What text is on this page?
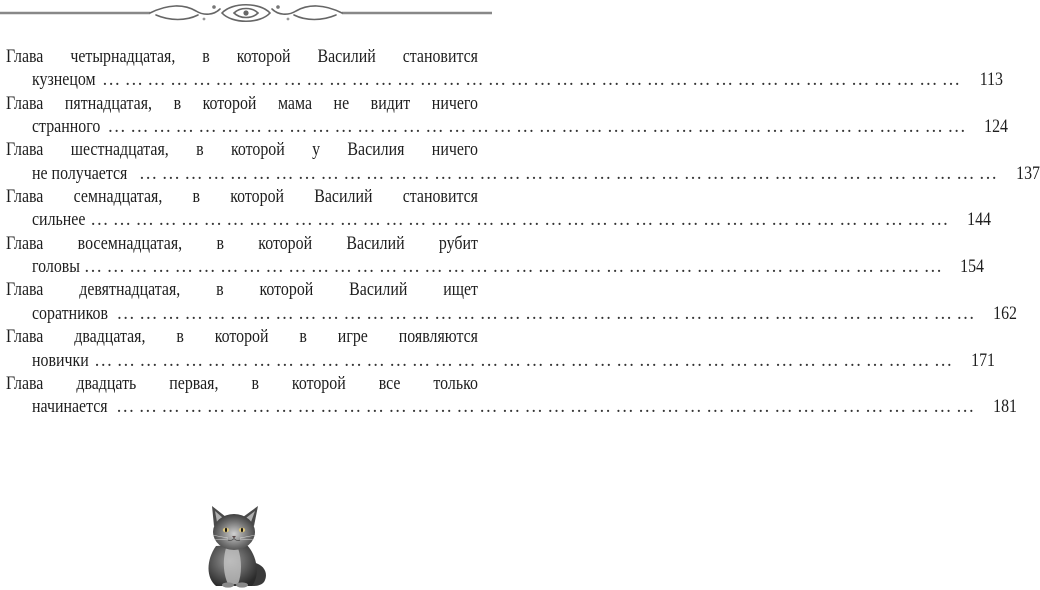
Глава четырнадцатая, в которой Василий становится
кузнецом …………………………………………………………………………………………………… 113
Глава пятнадцатая, в которой мама не видит ничего
странного …………………………………………………………………………………………………… 124
Глава шестнадцатая, в которой у Василия ничего
не получается …………………………………………………………………………………………………… 137
Глава семнадцатая, в которой Василий становится
сильнее …………………………………………………………………………………………………… 144
Глава восемнадцатая, в которой Василий рубит
головы …………………………………………………………………………………………………… 154
Глава девятнадцатая, в которой Василий ищет
соратников …………………………………………………………………………………………………… 162
Глава двадцатая, в которой в игре появляются
новички …………………………………………………………………………………………………… 171
Глава двадцать первая, в которой все только
начинается …………………………………………………………………………………………………… 181
